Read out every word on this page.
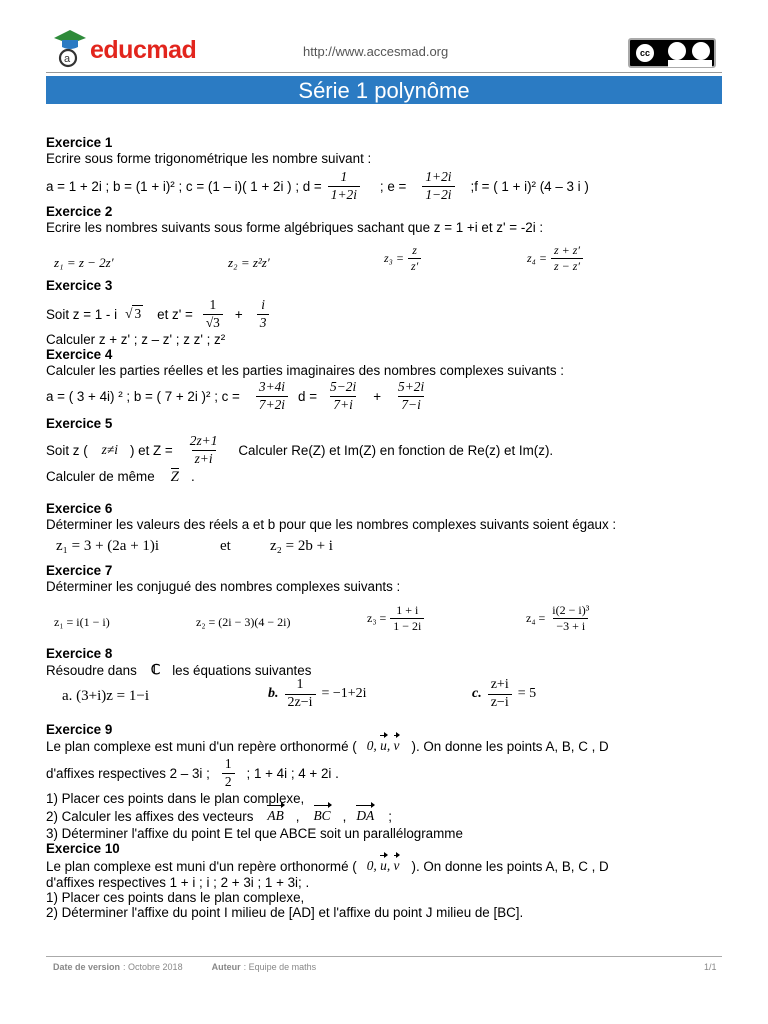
a educmad	http://www.accesmad.org	cc
Série 1 polynôme
Exercice 1
Ecrire sous forme trigonométrique les nombre suivant :
a = 1 + 2i ; b = (1 + i)² ; c = (1 – i)( 1 + 2i ) ; $d = \frac{1}{1+2i}$ ; $e = \frac{1+2i}{1-2i}$ ;f = ( 1 + i)² (4 – 3 i )
Exercice 2
Ecrire les nombres suivants sous forme algébriques sachant que z = 1 +i et z' = -2i :
z₁ = z − 2z′	z₂ = z²z′	$z_3 = \frac{z}{z'}$	$z_4 = \frac{z + z'}{z - z'}$
Exercice 3
Soit z = 1 - i √ 3 et $z' = \frac{1}{√3} + \frac{i}{3}$
Calculer z + z' ; z – z' ; z z' ; z²
Exercice 4
Calculer les parties réelles et les parties imaginaires des nombres complexes suivants :
a = ( 3 + 4i) ² ; b = ( 7 + 2i )² ; $c = \frac{3+4i}{7+2i}$ $d = \frac{5-2i}{7+i} + \frac{5+2i}{7-i}$
Exercice 5
Soit z ( z≠i ) et $Z = \frac{2z+1}{z+i}$ Calculer Re(Z) et Im(Z) en fonction de Re(z) et Im(z).
Calculer de même Z .
Exercice 6
Déterminer les valeurs des réels a et b pour que les nombres complexes suivants soient égaux :
z₁ = 3 + (2a + 1)i	et	z₂ = 2b + i
Exercice 7
Déterminer les conjugué des nombres complexes suivants :
z₁ = i(1 − i)	z₂ = (2i − 3)(4 − 2i)	$z_3 = \frac{1 + i}{1 - 2i}$	$z_4 = \frac{\text{i(2 − i)³}}{-3 + i}$
Exercice 8
Résoudre dans ℂ les équations suivantes
a. (3+i)z = 1−i	b. $\frac{1}{2z-i} = -1+2i$	c. $\frac{z+i}{z-i} = 5$
Exercice 9
Le plan complexe est muni d'un repère orthonormé ( 0, u, v ). On donne les points A, B, C , D
d'affixes respectives 2 – 3i ; $\frac{1}{2}$ ; 1 + 4i ; 4 + 2i .
1) Placer ces points dans le plan complexe,
2) Calculer les affixes des vecteurs AB , BC , DA ;
3) Déterminer l'affixe du point E tel que ABCE soit un parallélogramme
Exercice 10
Le plan complexe est muni d'un repère orthonormé ( 0, u, v ). On donne les points A, B, C , D
d'affixes respectives 1 + i ; i ; 2 + 3i ; 1 + 3i; .
1) Placer ces points dans le plan complexe,
2) Déterminer l'affixe du point I milieu de [AD] et l'affixe du point J milieu de [BC].
Date de version : Octobre 2018	Auteur : Equipe de maths	1/1
